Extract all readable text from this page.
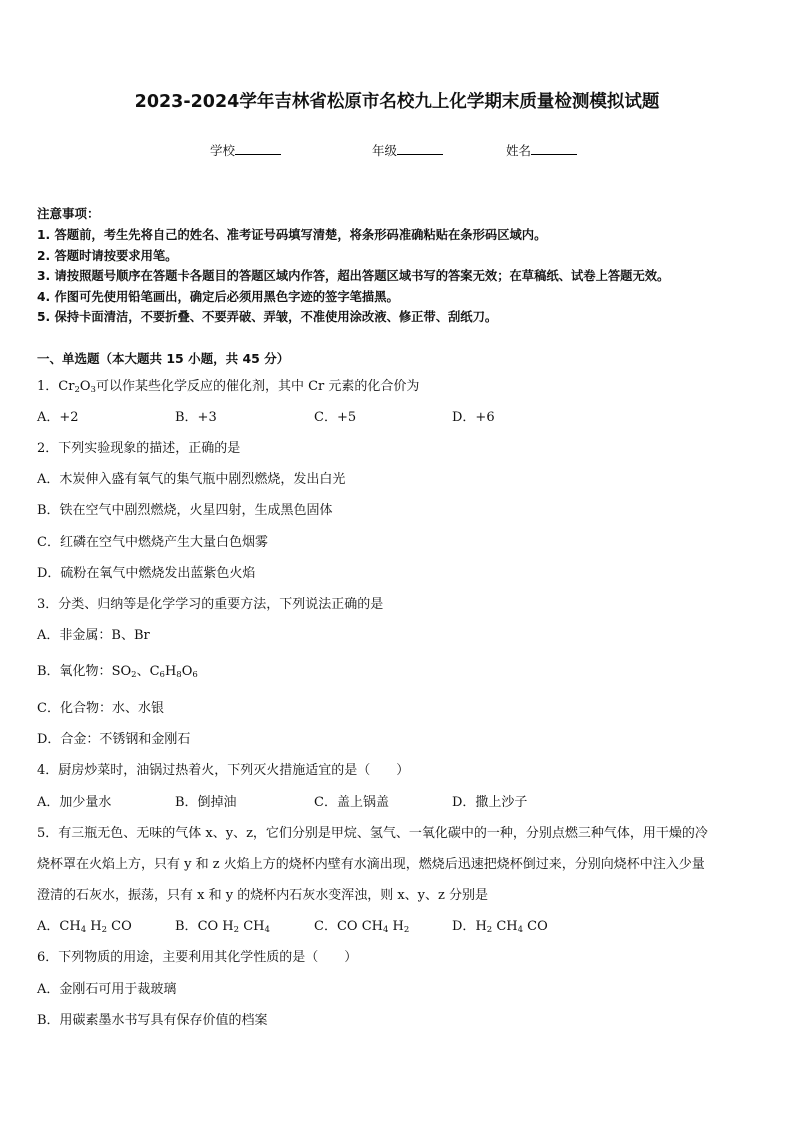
2023-2024学年吉林省松原市名校九上化学期末质量检测模拟试题
学校	年级	姓名
注意事项：
1. 答题前，考生先将自己的姓名、准考证号码填写清楚，将条形码准确粘贴在条形码区域内。
2. 答题时请按要求用笔。
3. 请按照题号顺序在答题卡各题目的答题区域内作答，超出答题区域书写的答案无效；在草稿纸、试卷上答题无效。
4. 作图可先使用铅笔画出，确定后必须用黑色字迹的签字笔描黑。
5. 保持卡面清洁，不要折叠、不要弄破、弄皱，不准使用涂改液、修正带、刮纸刀。
一、单选题（本大题共 15 小题，共 45 分）
1．$Cr_2O_3$可以作某些化学反应的催化剂，其中 Cr 元素的化合价为
A．+2	B．+3	C．+5	D．+6
2．下列实验现象的描述，正确的是
A．木炭伸入盛有氧气的集气瓶中剧烈燃烧，发出白光
B．铁在空气中剧烈燃烧，火星四射，生成黑色固体
C．红磷在空气中燃烧产生大量白色烟雾
D．硫粉在氧气中燃烧发出蓝紫色火焰
3．分类、归纳等是化学学习的重要方法，下列说法正确的是
A．非金属：B、Br
B．氧化物：$SO_2$、$C_6H_8O_6$
C．化合物：水、水银
D．合金：不锈钢和金刚石
4．厨房炒菜时，油锅过热着火，下列灭火措施适宜的是（　　）
A．加少量水	B．倒掉油	C．盖上锅盖	D．撒上沙子
5．有三瓶无色、无味的气体 x、y、z，它们分别是甲烷、氢气、一氧化碳中的一种，分别点燃三种气体，用干燥的冷
烧杯罩在火焰上方，只有 y 和 z 火焰上方的烧杯内壁有水滴出现，燃烧后迅速把烧杯倒过来，分别向烧杯中注入少量
澄清的石灰水，振荡，只有 x 和 y 的烧杯内石灰水变浑浊，则 x、y、z 分别是
A．$CH_4$ $H_2$ CO	B．CO $H_2$ $CH_4$	C．CO $CH_4$ $H_2$	D．$H_2$ $CH_4$ CO
6．下列物质的用途，主要利用其化学性质的是（　　）
A．金刚石可用于裁玻璃
B．用碳素墨水书写具有保存价值的档案
